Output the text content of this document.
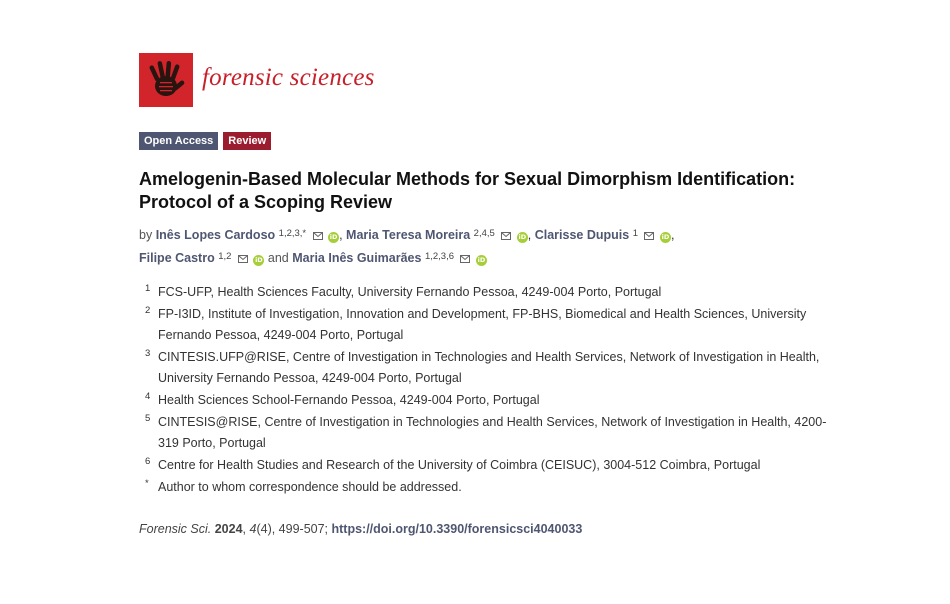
forensic sciences
Open Access	Review
Amelogenin-Based Molecular Methods for Sexual Dimorphism Identification: Protocol of a Scoping Review
by Inês Lopes Cardoso $^{1,2,3,*}$	iD , Maria Teresa Moreira $^{2,4,5}$	iD , Clarisse Dupuis $^1$	iD ,
Filipe Castro $^{1,2}$	iD and Maria Inês Guimarães $^{1,2,3,6}$	iD
1 FCS-UFP, Health Sciences Faculty, University Fernando Pessoa, 4249-004 Porto, Portugal
2 FP-I3ID, Institute of Investigation, Innovation and Development, FP-BHS, Biomedical and Health Sciences, University Fernando Pessoa, 4249-004 Porto, Portugal
3 CINTESIS.UFP@RISE, Centre of Investigation in Technologies and Health Services, Network of Investigation in Health, University Fernando Pessoa, 4249-004 Porto, Portugal
4 Health Sciences School-Fernando Pessoa, 4249-004 Porto, Portugal
5 CINTESIS@RISE, Centre of Investigation in Technologies and Health Services, Network of Investigation in Health, 4200-319 Porto, Portugal
6 Centre for Health Studies and Research of the University of Coimbra (CEISUC), 3004-512 Coimbra, Portugal
* Author to whom correspondence should be addressed.
Forensic Sci. 2024, 4(4), 499-507; https://doi.org/10.3390/forensicsci4040033
